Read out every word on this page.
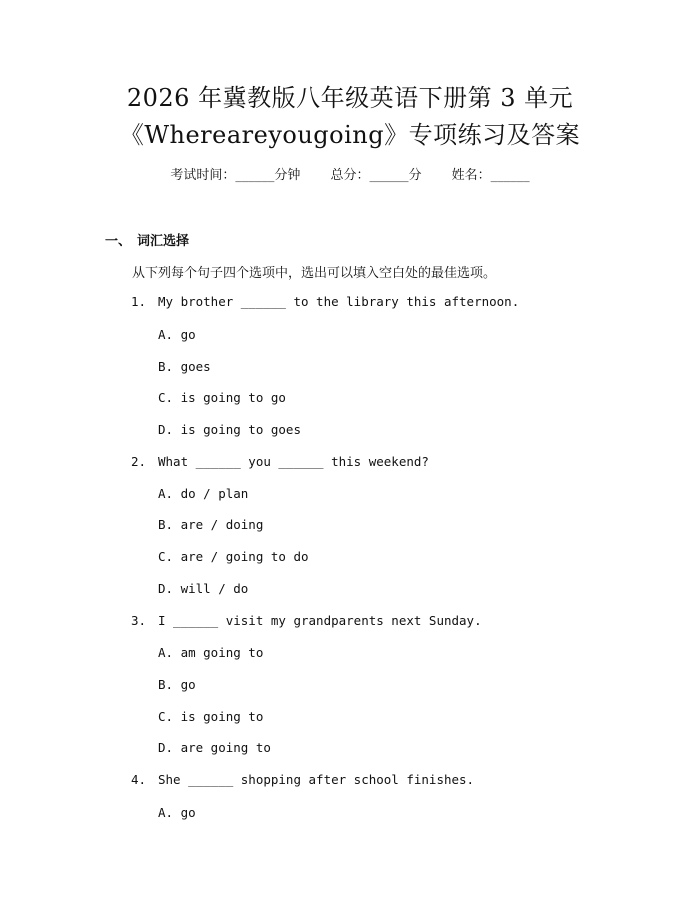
2026 年冀教版八年级英语下册第 3 单元
《Whereareyougoing》专项练习及答案
考试时间：______分钟 总分：______分 姓名：______
一、 词汇选择
从下列每个句子四个选项中，选出可以填入空白处的最佳选项。
1. My brother ______ to the library this afternoon.
A. go
B. goes
C. is going to go
D. is going to goes
2. What ______ you ______ this weekend?
A. do / plan
B. are / doing
C. are / going to do
D. will / do
3. I ______ visit my grandparents next Sunday.
A. am going to
B. go
C. is going to
D. are going to
4. She ______ shopping after school finishes.
A. go
